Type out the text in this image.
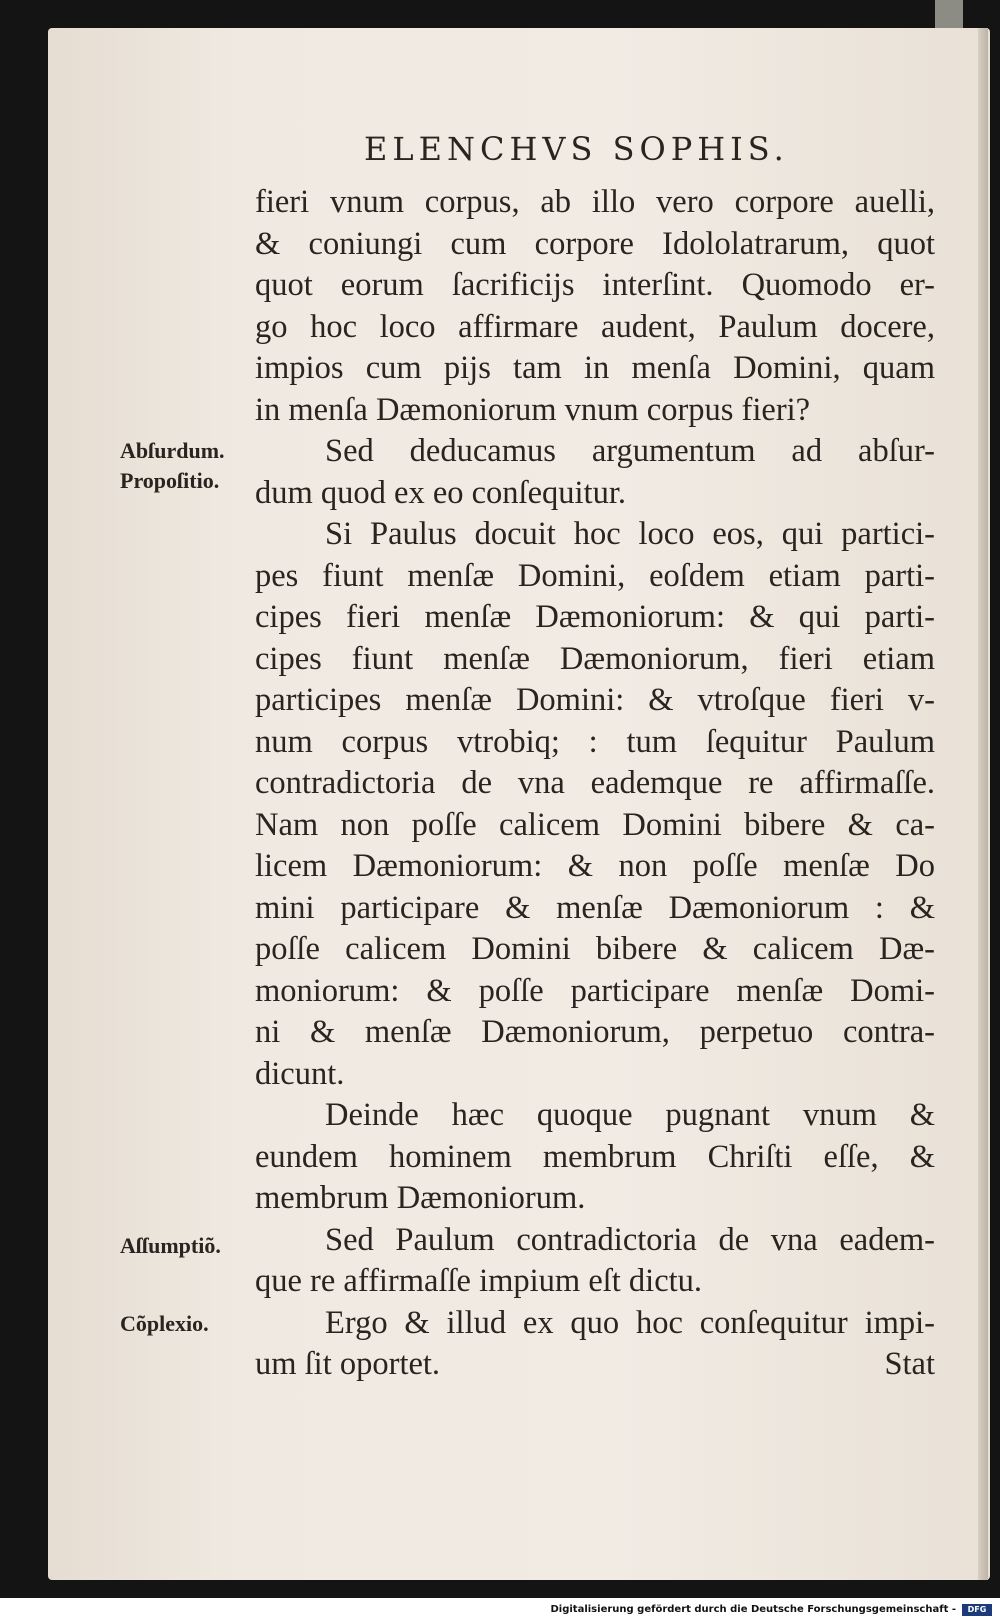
ELENCHVS SOPHIS.
Abſurdum.
Propoſitio.
Aſſumptiõ.
Cõplexio.
fieri vnum corpus, ab illo vero corpore auelli,
& coniungi cum corpore Idololatrarum, quot
quot eorum ſacrificijs interſint. Quomodo er-
go hoc loco affirmare audent, Paulum docere,
impios cum pijs tam in menſa Domini, quam
in menſa Dæmoniorum vnum corpus fieri?
Sed deducamus argumentum ad abſur-
dum quod ex eo conſequitur.
Si Paulus docuit hoc loco eos, qui partici-
pes fiunt menſæ Domini, eoſdem etiam parti-
cipes fieri menſæ Dæmoniorum: & qui parti-
cipes fiunt menſæ Dæmoniorum, fieri etiam
participes menſæ Domini: & vtroſque fieri v-
num corpus vtrobiq; : tum ſequitur Paulum
contradictoria de vna eademque re affirmaſſe.
Nam non poſſe calicem Domini bibere & ca-
licem Dæmoniorum: & non poſſe menſæ Do
mini participare & menſæ Dæmoniorum : &
poſſe calicem Domini bibere & calicem Dæ-
moniorum: & poſſe participare menſæ Domi-
ni & menſæ Dæmoniorum, perpetuo contra-
dicunt.
Deinde hæc quoque pugnant vnum &
eundem hominem membrum Chriſti eſſe, &
membrum Dæmoniorum.
Sed Paulum contradictoria de vna eadem-
que re affirmaſſe impium eſt dictu.
Ergo & illud ex quo hoc conſequitur impi-
um ſit oportet.	Stat
Digitalisierung gefördert durch die Deutsche Forschungsgemeinschaft -	DFG
